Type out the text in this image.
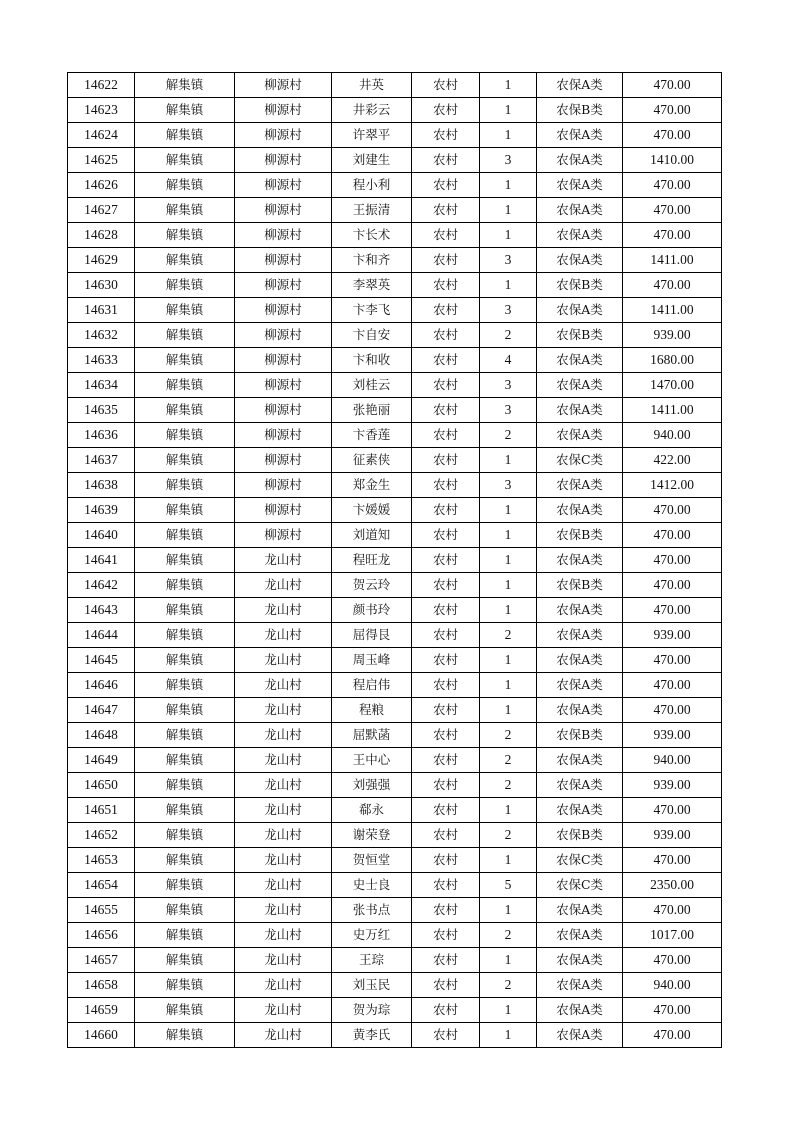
14622	解集镇	柳源村	井英	农村	1	农保A类	470.00
14623	解集镇	柳源村	井彩云	农村	1	农保B类	470.00
14624	解集镇	柳源村	许翠平	农村	1	农保A类	470.00
14625	解集镇	柳源村	刘建生	农村	3	农保A类	1410.00
14626	解集镇	柳源村	程小利	农村	1	农保A类	470.00
14627	解集镇	柳源村	王振清	农村	1	农保A类	470.00
14628	解集镇	柳源村	卞长术	农村	1	农保A类	470.00
14629	解集镇	柳源村	卞和齐	农村	3	农保A类	1411.00
14630	解集镇	柳源村	李翠英	农村	1	农保B类	470.00
14631	解集镇	柳源村	卞李飞	农村	3	农保A类	1411.00
14632	解集镇	柳源村	卞自安	农村	2	农保B类	939.00
14633	解集镇	柳源村	卞和收	农村	4	农保A类	1680.00
14634	解集镇	柳源村	刘桂云	农村	3	农保A类	1470.00
14635	解集镇	柳源村	张艳丽	农村	3	农保A类	1411.00
14636	解集镇	柳源村	卞香莲	农村	2	农保A类	940.00
14637	解集镇	柳源村	征素侠	农村	1	农保C类	422.00
14638	解集镇	柳源村	郑金生	农村	3	农保A类	1412.00
14639	解集镇	柳源村	卞媛媛	农村	1	农保A类	470.00
14640	解集镇	柳源村	刘道知	农村	1	农保B类	470.00
14641	解集镇	龙山村	程旺龙	农村	1	农保A类	470.00
14642	解集镇	龙山村	贺云玲	农村	1	农保B类	470.00
14643	解集镇	龙山村	颜书玲	农村	1	农保A类	470.00
14644	解集镇	龙山村	屈得艮	农村	2	农保A类	939.00
14645	解集镇	龙山村	周玉峰	农村	1	农保A类	470.00
14646	解集镇	龙山村	程启伟	农村	1	农保A类	470.00
14647	解集镇	龙山村	程粮	农村	1	农保A类	470.00
14648	解集镇	龙山村	屈默菡	农村	2	农保B类	939.00
14649	解集镇	龙山村	王中心	农村	2	农保A类	940.00
14650	解集镇	龙山村	刘强强	农村	2	农保A类	939.00
14651	解集镇	龙山村	郗永	农村	1	农保A类	470.00
14652	解集镇	龙山村	谢荣登	农村	2	农保B类	939.00
14653	解集镇	龙山村	贺恒堂	农村	1	农保C类	470.00
14654	解集镇	龙山村	史士良	农村	5	农保C类	2350.00
14655	解集镇	龙山村	张书点	农村	1	农保A类	470.00
14656	解集镇	龙山村	史万红	农村	2	农保A类	1017.00
14657	解集镇	龙山村	王琮	农村	1	农保A类	470.00
14658	解集镇	龙山村	刘玉民	农村	2	农保A类	940.00
14659	解集镇	龙山村	贺为琮	农村	1	农保A类	470.00
14660	解集镇	龙山村	黄李氏	农村	1	农保A类	470.00
